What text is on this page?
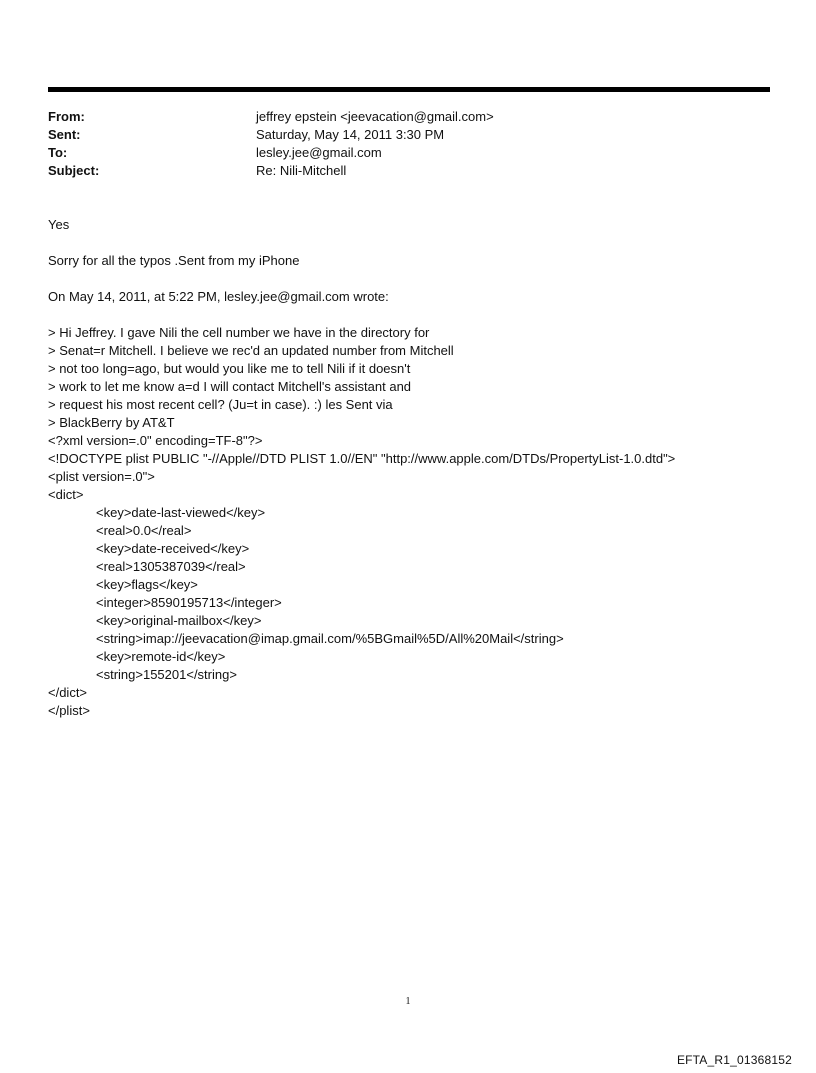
From:	jeffrey epstein <jeevacation@gmail.com>
Sent:	Saturday, May 14, 2011 3:30 PM
To:	lesley.jee@gmail.com
Subject:	Re: Nili-Mitchell
Yes
Sorry for all the typos .Sent from my iPhone
On May 14, 2011, at 5:22 PM, lesley.jee@gmail.com wrote:
> Hi Jeffrey. I gave Nili the cell number we have in the directory for
> Senat=r Mitchell. I believe we rec'd an updated number from Mitchell
> not too long=ago, but would you like me to tell Nili if it doesn't
> work to let me know a=d I will contact Mitchell's assistant and
> request his most recent cell? (Ju=t in case). :) les Sent via
> BlackBerry by AT&T
<?xml version=.0" encoding=TF-8"?>
<!DOCTYPE plist PUBLIC "-//Apple//DTD PLIST 1.0//EN" "http://www.apple.com/DTDs/PropertyList-1.0.dtd">
<plist version=.0">
<dict>
<key>date-last-viewed</key>
<real>0.0</real>
<key>date-received</key>
<real>1305387039</real>
<key>flags</key>
<integer>8590195713</integer>
<key>original-mailbox</key>
<string>imap://jeevacation@imap.gmail.com/%5BGmail%5D/All%20Mail</string>
<key>remote-id</key>
<string>155201</string>
</dict>
</plist>
1
EFTA_R1_01368152
